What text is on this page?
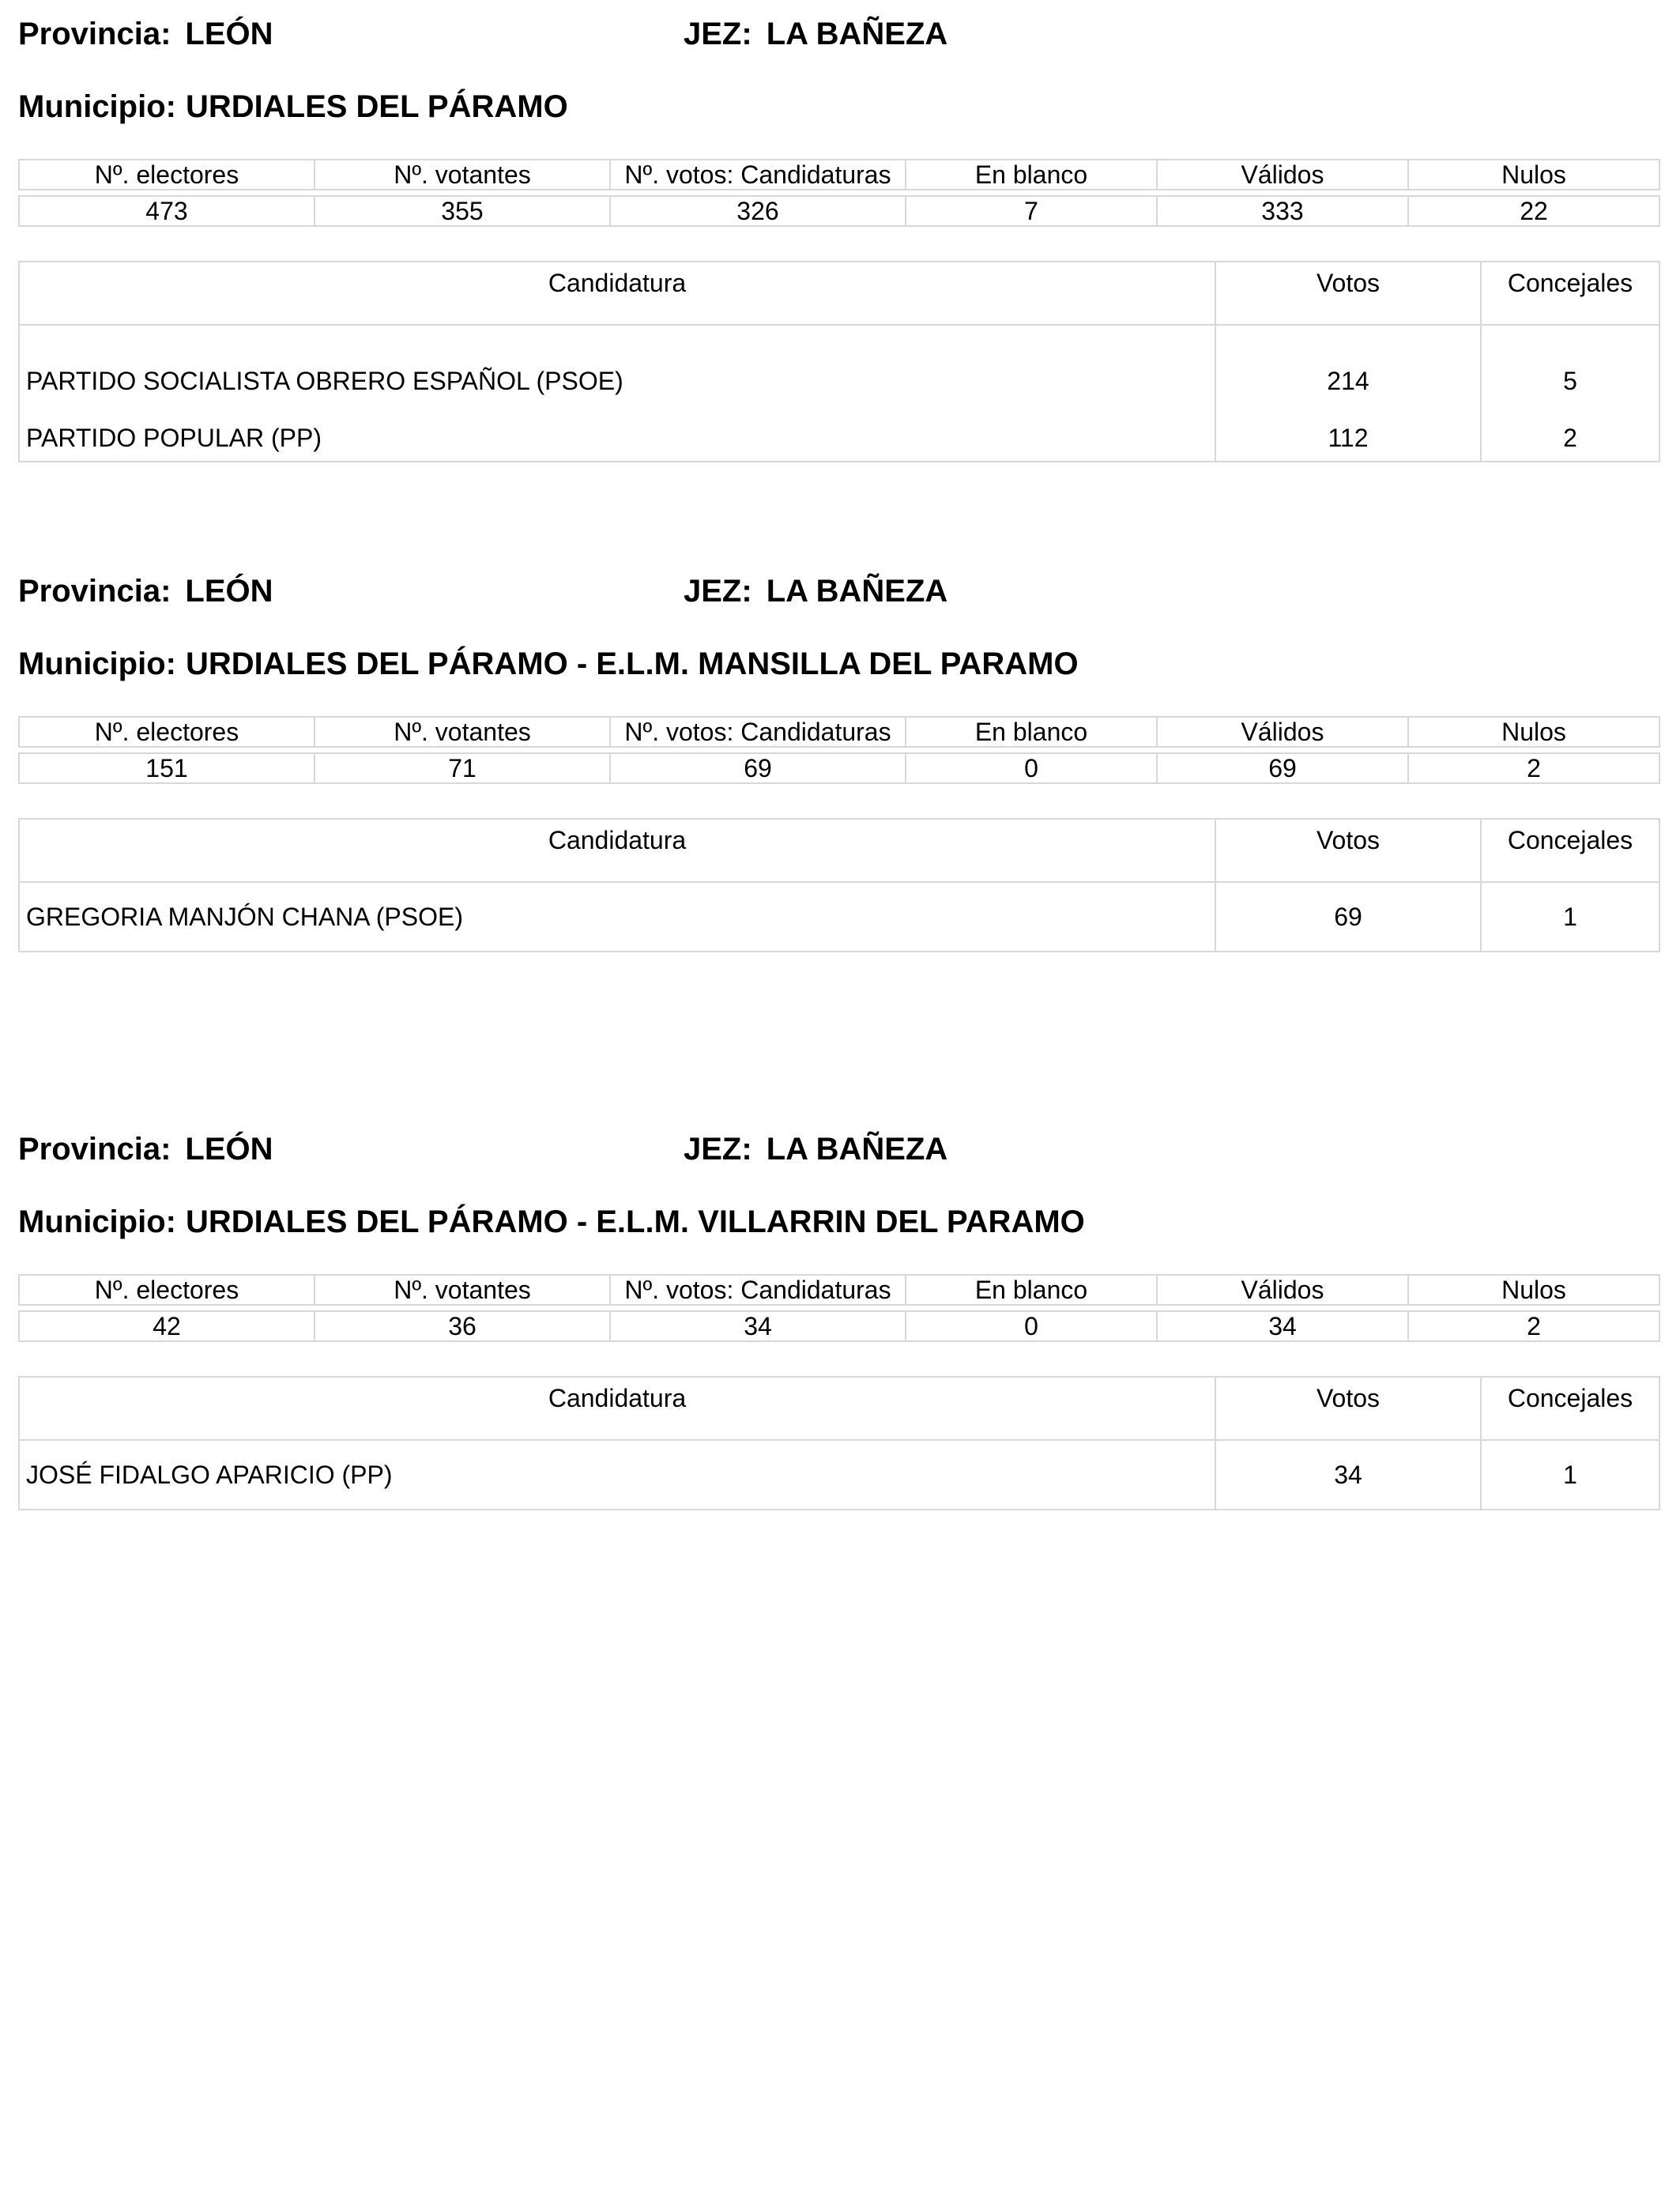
Provincia: LEÓN	JEZ: LA BAÑEZA
Municipio: URDIALES DEL PÁRAMO
Nº. electores	Nº. votantes	Nº. votos: Candidaturas	En blanco	Válidos	Nulos

473	355	326	7	333	22
Candidatura	Votos	Concejales
PARTIDO SOCIALISTA OBRERO ESPAÑOL (PSOE)	214	5
PARTIDO POPULAR (PP)	112	2
Provincia: LEÓN	JEZ: LA BAÑEZA
Municipio: URDIALES DEL PÁRAMO - E.L.M. MANSILLA DEL PARAMO
Nº. electores	Nº. votantes	Nº. votos: Candidaturas	En blanco	Válidos	Nulos

151	71	69	0	69	2
Candidatura	Votos	Concejales
GREGORIA MANJÓN CHANA (PSOE)	69	1
Provincia: LEÓN	JEZ: LA BAÑEZA
Municipio: URDIALES DEL PÁRAMO - E.L.M. VILLARRIN DEL PARAMO
Nº. electores	Nº. votantes	Nº. votos: Candidaturas	En blanco	Válidos	Nulos

42	36	34	0	34	2
Candidatura	Votos	Concejales
JOSÉ FIDALGO APARICIO (PP)	34	1
